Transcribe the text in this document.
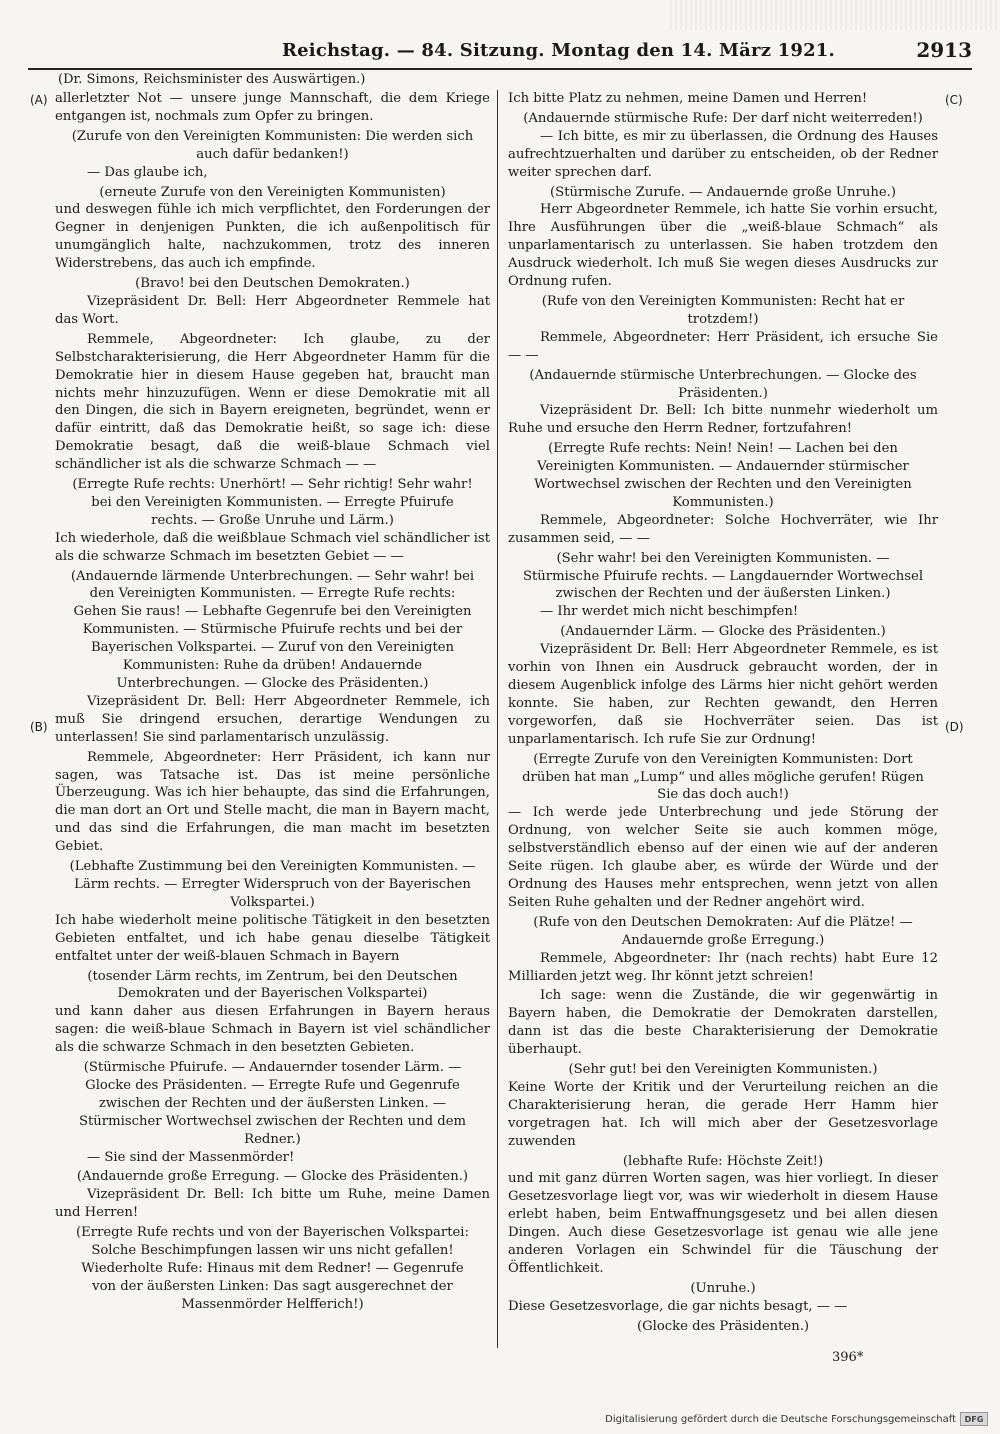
Reichstag. — 84. Sitzung. Montag den 14. März 1921.	2913
(Dr. Simons, Reichsminister des Auswärtigen.)
(A)
(B)
(C)
(D)

allerletzter Not — unsere junge Mannschaft, die dem Kriege entgangen ist, nochmals zum Opfer zu bringen.

(Zurufe von den Vereinigten Kommunisten: Die werden sich auch dafür bedanken!)

— Das glaube ich,

(erneute Zurufe von den Vereinigten Kommunisten)

und deswegen fühle ich mich verpflichtet, den Forderungen der Gegner in denjenigen Punkten, die ich außenpolitisch für unumgänglich halte, nachzukommen, trotz des inneren Widerstrebens, das auch ich empfinde.

(Bravo! bei den Deutschen Demokraten.)

Vizepräsident Dr. Bell: Herr Abgeordneter Remmele hat das Wort.

Remmele, Abgeordneter: Ich glaube, zu der Selbstcharakterisierung, die Herr Abgeordneter Hamm für die Demokratie hier in diesem Hause gegeben hat, braucht man nichts mehr hinzuzufügen. Wenn er diese Demokratie mit all den Dingen, die sich in Bayern ereigneten, begründet, wenn er dafür eintritt, daß das Demokratie heißt, so sage ich: diese Demokratie besagt, daß die weiß-blaue Schmach viel schändlicher ist als die schwarze Schmach — —

(Erregte Rufe rechts: Unerhört! — Sehr richtig! Sehr wahr! bei den Vereinigten Kommunisten. — Erregte Pfuirufe rechts. — Große Unruhe und Lärm.)

Ich wiederhole, daß die weißblaue Schmach viel schändlicher ist als die schwarze Schmach im besetzten Gebiet — —

(Andauernde lärmende Unterbrechungen. — Sehr wahr! bei den Vereinigten Kommunisten. — Erregte Rufe rechts: Gehen Sie raus! — Lebhafte Gegenrufe bei den Vereinigten Kommunisten. — Stürmische Pfuirufe rechts und bei der Bayerischen Volkspartei. — Zuruf von den Vereinigten Kommunisten: Ruhe da drüben! Andauernde Unterbrechungen. — Glocke des Präsidenten.)

Vizepräsident Dr. Bell: Herr Abgeordneter Remmele, ich muß Sie dringend ersuchen, derartige Wendungen zu unterlassen! Sie sind parlamentarisch unzulässig.

Remmele, Abgeordneter: Herr Präsident, ich kann nur sagen, was Tatsache ist. Das ist meine persönliche Überzeugung. Was ich hier behaupte, das sind die Erfahrungen, die man dort an Ort und Stelle macht, die man in Bayern macht, und das sind die Erfahrungen, die man macht im besetzten Gebiet.

(Lebhafte Zustimmung bei den Vereinigten Kommunisten. — Lärm rechts. — Erregter Widerspruch von der Bayerischen Volkspartei.)

Ich habe wiederholt meine politische Tätigkeit in den besetzten Gebieten entfaltet, und ich habe genau dieselbe Tätigkeit entfaltet unter der weiß-blauen Schmach in Bayern

(tosender Lärm rechts, im Zentrum, bei den Deutschen Demokraten und der Bayerischen Volkspartei)

und kann daher aus diesen Erfahrungen in Bayern heraus sagen: die weiß-blaue Schmach in Bayern ist viel schändlicher als die schwarze Schmach in den besetzten Gebieten.

(Stürmische Pfuirufe. — Andauernder tosender Lärm. — Glocke des Präsidenten. — Erregte Rufe und Gegenrufe zwischen der Rechten und der äußersten Linken. — Stürmischer Wortwechsel zwischen der Rechten und dem Redner.)

— Sie sind der Massenmörder!

(Andauernde große Erregung. — Glocke des Präsidenten.)

Vizepräsident Dr. Bell: Ich bitte um Ruhe, meine Damen und Herren!

(Erregte Rufe rechts und von der Bayerischen Volkspartei: Solche Beschimpfungen lassen wir uns nicht gefallen! Wiederholte Rufe: Hinaus mit dem Redner! — Gegenrufe von der äußersten Linken: Das sagt ausgerechnet der Massenmörder Helfferich!)

Ich bitte Platz zu nehmen, meine Damen und Herren!

(Andauernde stürmische Rufe: Der darf nicht weiterreden!)

— Ich bitte, es mir zu überlassen, die Ordnung des Hauses aufrechtzuerhalten und darüber zu entscheiden, ob der Redner weiter sprechen darf.

(Stürmische Zurufe. — Andauernde große Unruhe.)

Herr Abgeordneter Remmele, ich hatte Sie vorhin ersucht, Ihre Ausführungen über die „weiß-blaue Schmach“ als unparlamentarisch zu unterlassen. Sie haben trotzdem den Ausdruck wiederholt. Ich muß Sie wegen dieses Ausdrucks zur Ordnung rufen.

(Rufe von den Vereinigten Kommunisten: Recht hat er trotzdem!)

Remmele, Abgeordneter: Herr Präsident, ich ersuche Sie — —

(Andauernde stürmische Unterbrechungen. — Glocke des Präsidenten.)

Vizepräsident Dr. Bell: Ich bitte nunmehr wiederholt um Ruhe und ersuche den Herrn Redner, fortzufahren!

(Erregte Rufe rechts: Nein! Nein! — Lachen bei den Vereinigten Kommunisten. — Andauernder stürmischer Wortwechsel zwischen der Rechten und den Vereinigten Kommunisten.)

Remmele, Abgeordneter: Solche Hochverräter, wie Ihr zusammen seid, — —

(Sehr wahr! bei den Vereinigten Kommunisten. — Stürmische Pfuirufe rechts. — Langdauernder Wortwechsel zwischen der Rechten und der äußersten Linken.)

— Ihr werdet mich nicht beschimpfen!

(Andauernder Lärm. — Glocke des Präsidenten.)

Vizepräsident Dr. Bell: Herr Abgeordneter Remmele, es ist vorhin von Ihnen ein Ausdruck gebraucht worden, der in diesem Augenblick infolge des Lärms hier nicht gehört werden konnte. Sie haben, zur Rechten gewandt, den Herren vorgeworfen, daß sie Hochverräter seien. Das ist unparlamentarisch. Ich rufe Sie zur Ordnung!

(Erregte Zurufe von den Vereinigten Kommunisten: Dort drüben hat man „Lump“ und alles mögliche gerufen! Rügen Sie das doch auch!)

— Ich werde jede Unterbrechung und jede Störung der Ordnung, von welcher Seite sie auch kommen möge, selbstverständlich ebenso auf der einen wie auf der anderen Seite rügen. Ich glaube aber, es würde der Würde und der Ordnung des Hauses mehr entsprechen, wenn jetzt von allen Seiten Ruhe gehalten und der Redner angehört wird.

(Rufe von den Deutschen Demokraten: Auf die Plätze! — Andauernde große Erregung.)

Remmele, Abgeordneter: Ihr (nach rechts) habt Eure 12 Milliarden jetzt weg. Ihr könnt jetzt schreien!

Ich sage: wenn die Zustände, die wir gegenwärtig in Bayern haben, die Demokratie der Demokraten darstellen, dann ist das die beste Charakterisierung der Demokratie überhaupt.

(Sehr gut! bei den Vereinigten Kommunisten.)

Keine Worte der Kritik und der Verurteilung reichen an die Charakterisierung heran, die gerade Herr Hamm hier vorgetragen hat. Ich will mich aber der Gesetzesvorlage zuwenden

(lebhafte Rufe: Höchste Zeit!)

und mit ganz dürren Worten sagen, was hier vorliegt. In dieser Gesetzesvorlage liegt vor, was wir wiederholt in diesem Hause erlebt haben, beim Entwaffnungsgesetz und bei allen diesen Dingen. Auch diese Gesetzesvorlage ist genau wie alle jene anderen Vorlagen ein Schwindel für die Täuschung der Öffentlichkeit.

(Unruhe.)

Diese Gesetzesvorlage, die gar nichts besagt, — —

(Glocke des Präsidenten.)

396*
Digitalisierung gefördert durch die Deutsche Forschungsgemeinschaft	DFG
